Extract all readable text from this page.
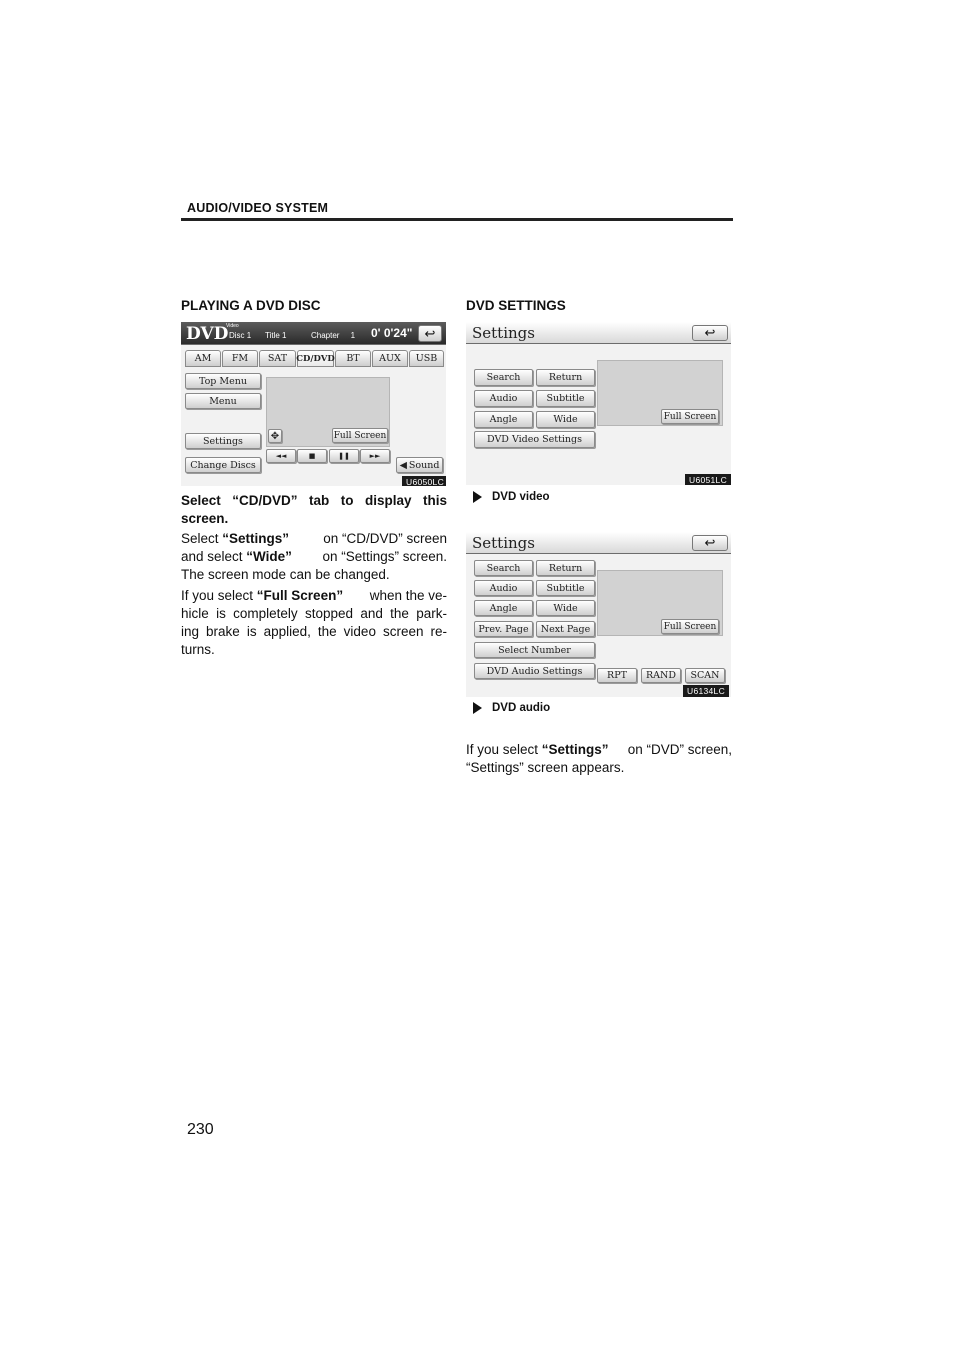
AUDIO/VIDEO SYSTEM
PLAYING A DVD DISC
DVD
Video
Disc 1 Title 1	Chapter     1 0' 0'24" ↩
AM	FM	SAT	CD/DVD	BT	AUX	USB
Top Menu
Menu
Settings
Change Discs
✥	Full Screen
◄◄	■	❚❚	►►
◀ Sound
U6050LC
Select “CD/DVD” tab to display this
screen.
Select “Settings”	on “CD/DVD” screen
and select “Wide” on “Settings” screen.
The screen mode can be changed.
If you select “Full Screen” when the ve-
hicle is completely stopped and the park-
ing brake is applied, the video screen re-
turns.
DVD SETTINGS
Settings	↩
Search	Return
Audio	Subtitle
Angle	Wide
DVD Video Settings
Full Screen
U6051LC
DVD video
Settings	↩
Search	Return
Audio	Subtitle
Angle	Wide
Prev. Page	Next Page
Select Number
DVD Audio Settings
Full Screen
RPT	RAND	SCAN
U6134LC
DVD audio
If you select “Settings” on “DVD” screen,
“Settings” screen appears.
230
